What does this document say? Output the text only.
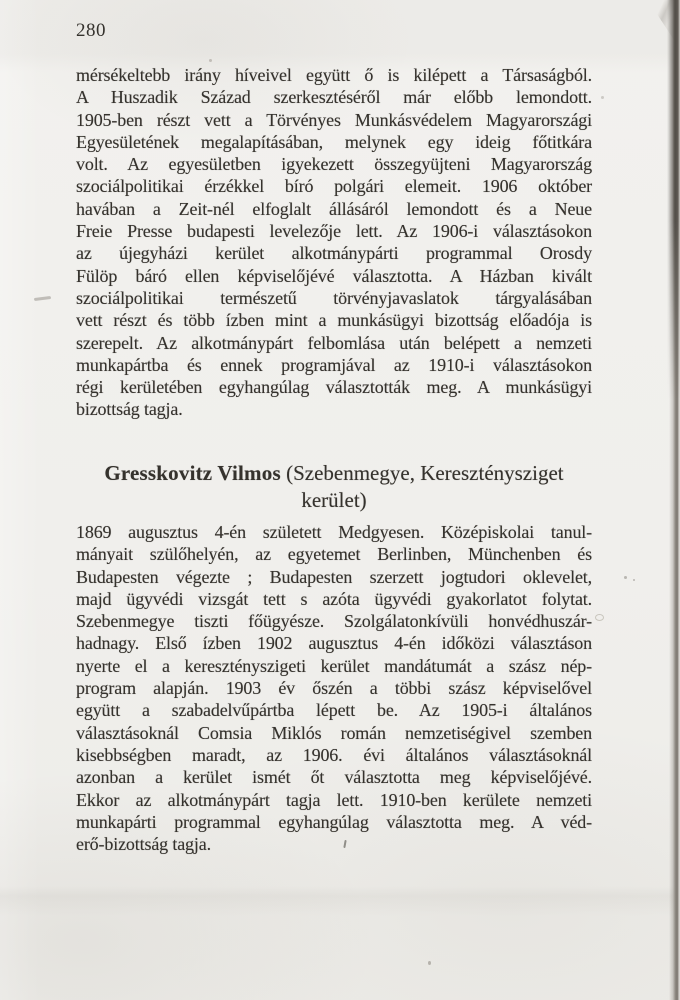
280
mérsékeltebb irány híveivel együtt ő is kilépett a Társaságból.
A Huszadik Század szerkesztéséről már előbb lemondott.
1905-ben részt vett a Törvényes Munkásvédelem Magyarországi
Egyesületének megalapításában, melynek egy ideig főtitkára
volt. Az egyesületben igyekezett összegyüjteni Magyarország
szociálpolitikai érzékkel bíró polgári elemeit. 1906 október
havában a Zeit-nél elfoglalt állásáról lemondott és a Neue
Freie Presse budapesti levelezője lett. Az 1906-i választásokon
az újegyházi kerület alkotmánypárti programmal Orosdy
Fülöp báró ellen képviselőjévé választotta. A Házban kivált
szociálpolitikai természetű törvényjavaslatok tárgyalásában
vett részt és több ízben mint a munkásügyi bizottság előadója is
szerepelt. Az alkotmánypárt felbomlása után belépett a nemzeti
munkapártba és ennek programjával az 1910-i választásokon
régi kerületében egyhangúlag választották meg. A munkásügyi
bizottság tagja.
Gresskovitz Vilmos (Szebenmegye, Kereszténysziget
kerület)
1869 augusztus 4-én született Medgyesen. Középiskolai tanul-
mányait szülőhelyén, az egyetemet Berlinben, Münchenben és
Budapesten végezte ; Budapesten szerzett jogtudori oklevelet,
majd ügyvédi vizsgát tett s azóta ügyvédi gyakorlatot folytat.
Szebenmegye tiszti főügyésze. Szolgálatonkívüli honvédhuszár-
hadnagy. Első ízben 1902 augusztus 4-én időközi választáson
nyerte el a keresztényszigeti kerület mandátumát a szász nép-
program alapján. 1903 év őszén a többi szász képviselővel
együtt a szabadelvűpártba lépett be. Az 1905-i általános
választásoknál Comsia Miklós román nemzetiségivel szemben
kisebbségben maradt, az 1906. évi általános választásoknál
azonban a kerület ismét őt választotta meg képviselőjévé.
Ekkor az alkotmánypárt tagja lett. 1910-ben kerülete nemzeti
munkapárti programmal egyhangúlag választotta meg. A véd-
erő-bizottság tagja.
